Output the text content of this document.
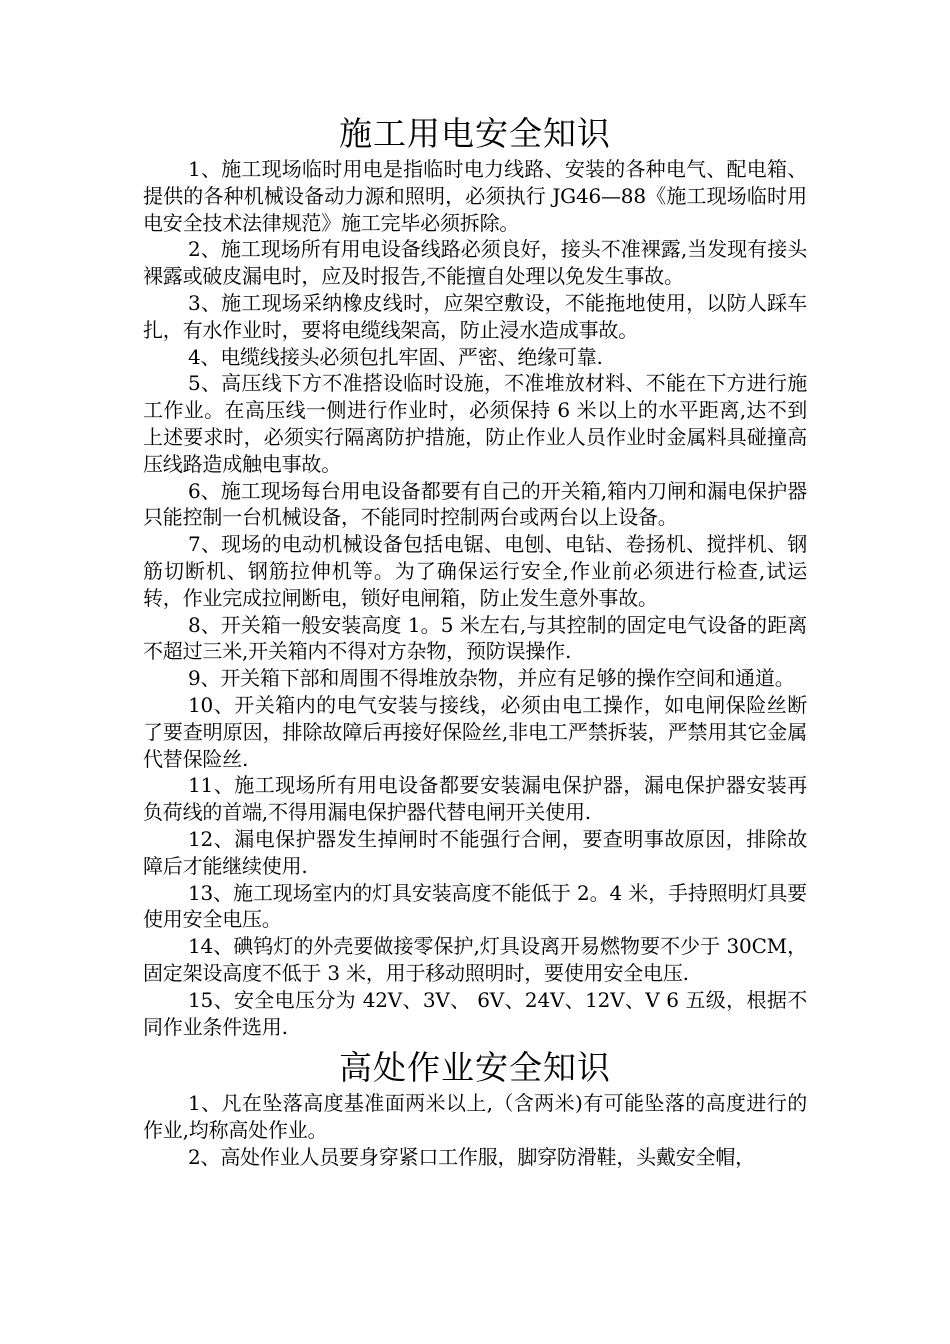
施工用电安全知识

1、施工现场临时用电是指临时电力线路、安装的各种电气、配电箱、提供的各种机械设备动力源和照明，必须执行 JG46—88《施工现场临时用电安全技术法律规范》施工完毕必须拆除。

2、施工现场所有用电设备线路必须良好，接头不准裸露,当发现有接头裸露或破皮漏电时，应及时报告,不能擅自处理以免发生事故。

3、施工现场采纳橡皮线时，应架空敷设，不能拖地使用，以防人踩车扎，有水作业时，要将电缆线架高，防止浸水造成事故。

4、电缆线接头必须包扎牢固、严密、绝缘可靠.

5、高压线下方不准搭设临时设施，不准堆放材料、不能在下方进行施工作业。在高压线一侧进行作业时，必须保持 6 米以上的水平距离,达不到上述要求时，必须实行隔离防护措施，防止作业人员作业时金属料具碰撞高压线路造成触电事故。

6、施工现场每台用电设备都要有自己的开关箱,箱内刀闸和漏电保护器只能控制一台机械设备，不能同时控制两台或两台以上设备。

7、现场的电动机械设备包括电锯、电刨、电钻、卷扬机、搅拌机、钢筋切断机、钢筋拉伸机等。为了确保运行安全,作业前必须进行检查,试运转，作业完成拉闸断电，锁好电闸箱，防止发生意外事故。

8、开关箱一般安装高度 1。5 米左右,与其控制的固定电气设备的距离不超过三米,开关箱内不得对方杂物，预防误操作.

9、开关箱下部和周围不得堆放杂物，并应有足够的操作空间和通道。

10、开关箱内的电气安装与接线，必须由电工操作，如电闸保险丝断了要查明原因，排除故障后再接好保险丝,非电工严禁拆装，严禁用其它金属代替保险丝.

11、施工现场所有用电设备都要安装漏电保护器，漏电保护器安装再负荷线的首端,不得用漏电保护器代替电闸开关使用.

12、漏电保护器发生掉闸时不能强行合闸，要查明事故原因，排除故障后才能继续使用.

13、施工现场室内的灯具安装高度不能低于 2。4 米，手持照明灯具要使用安全电压。

14、碘钨灯的外壳要做接零保护,灯具设离开易燃物要不少于 30CM，固定架设高度不低于 3 米，用于移动照明时，要使用安全电压.

15、安全电压分为 42V、3V、 6V、24V、12V、V 6 五级，根据不同作业条件选用.

高处作业安全知识

1、凡在坠落高度基准面两米以上,（含两米)有可能坠落的高度进行的作业,均称高处作业。

2、高处作业人员要身穿紧口工作服，脚穿防滑鞋，头戴安全帽，
